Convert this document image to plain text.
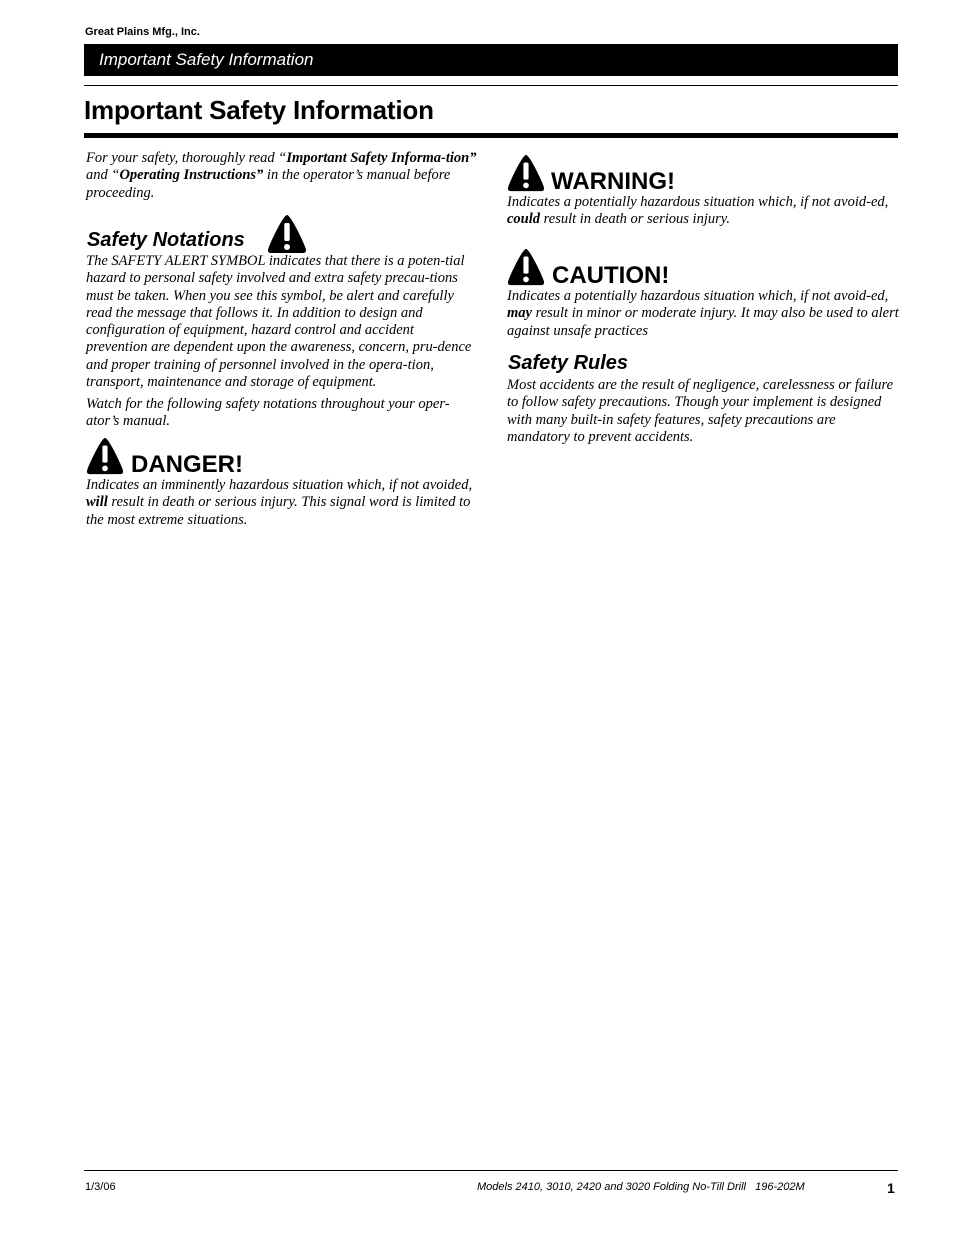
Great Plains Mfg., Inc.
Important Safety Information
Important Safety Information

For your safety, thoroughly read “Important Safety Informa-tion” and “Operating Instructions” in the operator’s manual before proceeding.

Safety Notations

The SAFETY ALERT SYMBOL indicates that there is a poten-tial hazard to personal safety involved and extra safety precau-tions must be taken. When you see this symbol, be alert and carefully read the message that follows it. In addition to design and configuration of equipment, hazard control and accident prevention are dependent upon the awareness, concern, pru-dence and proper training of personnel involved in the opera-tion, transport, maintenance and storage of equipment.

Watch for the following safety notations throughout your oper-ator’s manual.

DANGER!

Indicates an imminently hazardous situation which, if not avoided, will result in death or serious injury. This signal word is limited to the most extreme situations.

WARNING!

Indicates a potentially hazardous situation which, if not avoid-ed, could result in death or serious injury.

CAUTION!

Indicates a potentially hazardous situation which, if not avoid-ed, may result in minor or moderate injury. It may also be used to alert against unsafe practices

Safety Rules

Most accidents are the result of negligence, carelessness or failure to follow safety precautions. Though your implement is designed with many built-in safety features, safety precautions are mandatory to prevent accidents.

1/3/06	Models 2410, 3010, 2420 and 3020 Folding No-Till Drill   196-202M	1
